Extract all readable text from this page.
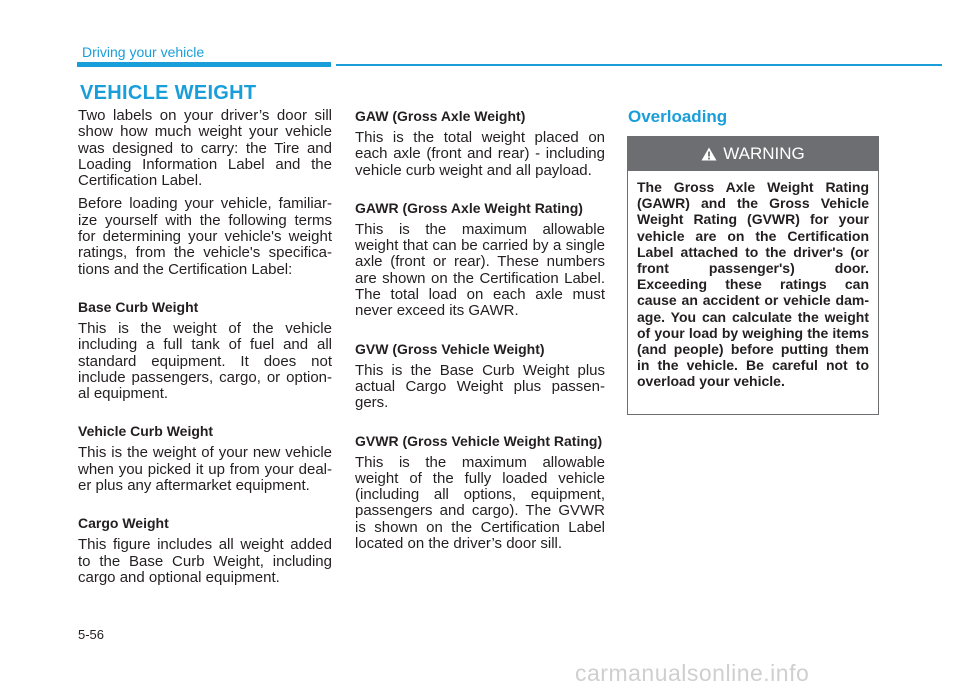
Driving your vehicle
VEHICLE WEIGHT

Two labels on your driver’s door sill show how much weight your vehicle was designed to carry: the Tire and Loading Information Label and the Certification Label.

Before loading your vehicle, familiar- ize yourself with the following terms for determining your vehicle's weight ratings, from the vehicle's specifica- tions and the Certification Label:

Base Curb Weight

This is the weight of the vehicle including a full tank of fuel and all standard equipment. It does not include passengers, cargo, or option- al equipment.

Vehicle Curb Weight

This is the weight of your new vehicle when you picked it up from your deal- er plus any aftermarket equipment.

Cargo Weight

This figure includes all weight added to the Base Curb Weight, including cargo and optional equipment.

GAW (Gross Axle Weight)

This is the total weight placed on each axle (front and rear) - including vehicle curb weight and all payload.

GAWR (Gross Axle Weight Rating)

This is the maximum allowable weight that can be carried by a single axle (front or rear). These numbers are shown on the Certification Label. The total load on each axle must never exceed its GAWR.

GVW (Gross Vehicle Weight)

This is the Base Curb Weight plus actual Cargo Weight plus passen- gers.

GVWR (Gross Vehicle Weight Rating)

This is the maximum allowable weight of the fully loaded vehicle (including all options, equipment, passengers and cargo). The GVWR is shown on the Certification Label located on the driver’s door sill.

Overloading
WARNING

The Gross Axle Weight Rating (GAWR) and the Gross Vehicle Weight Rating (GVWR) for your vehicle are on the Certification Label attached to the driver's (or front passenger's) door. Exceeding these ratings can cause an accident or vehicle dam- age. You can calculate the weight of your load by weighing the items (and people) before putting them in the vehicle. Be careful not to overload your vehicle.

5-56
carmanualsonline.info
